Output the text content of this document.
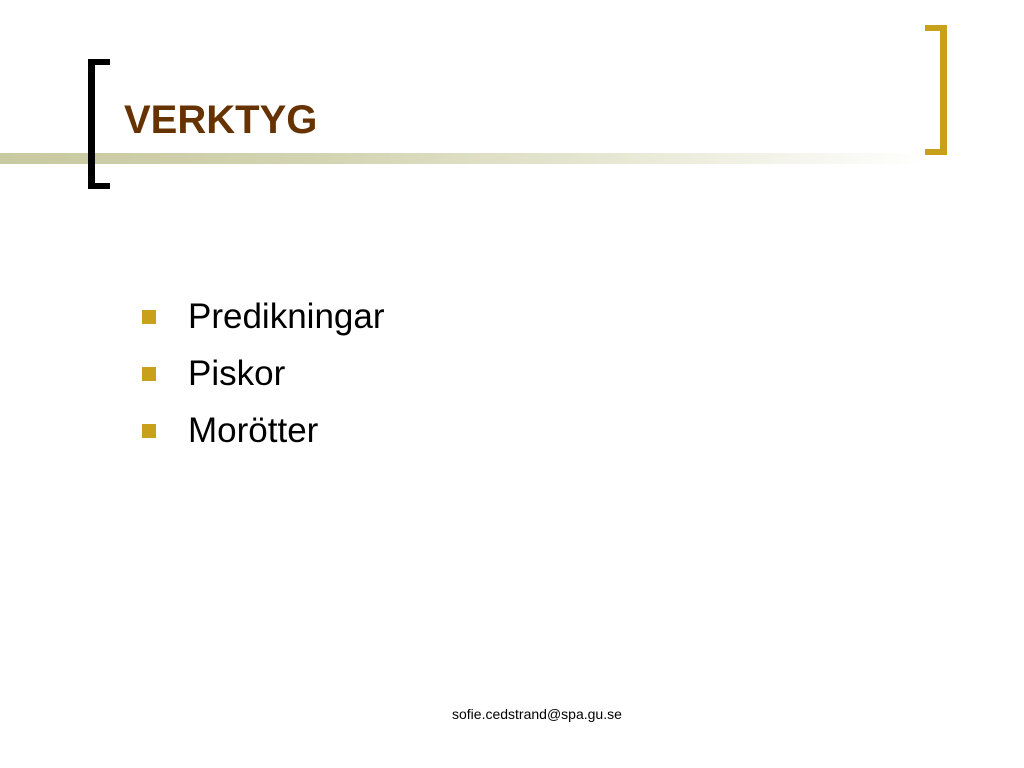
VERKTYG
Predikningar
Piskor
Morötter
sofie.cedstrand@spa.gu.se
